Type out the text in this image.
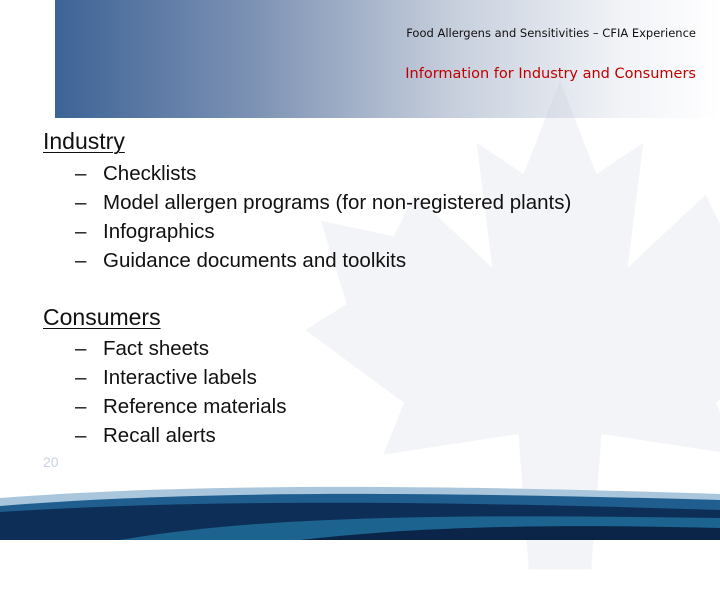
Food Allergens and Sensitivities – CFIA Experience
Information for Industry and Consumers
Industry
– Checklists
– Model allergen programs (for non-registered plants)
– Infographics
– Guidance documents and toolkits
Consumers
– Fact sheets
– Interactive labels
– Reference materials
– Recall alerts
20
